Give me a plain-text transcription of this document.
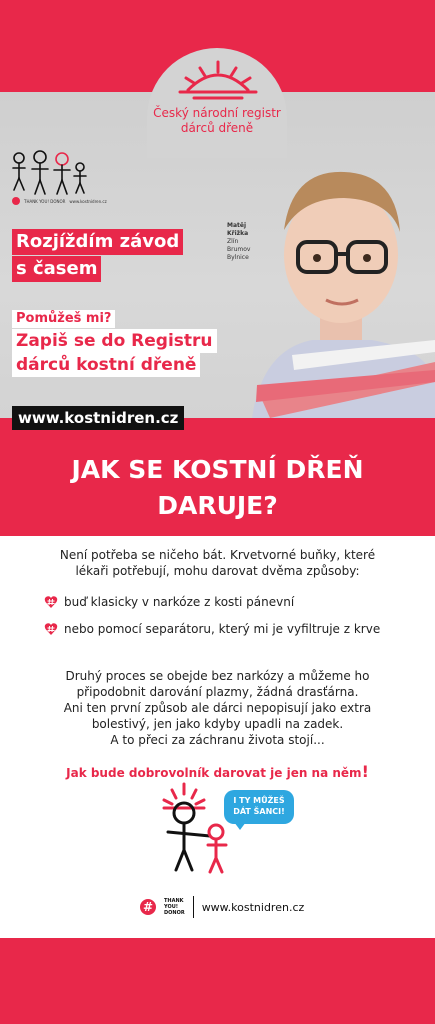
Český národní registr
dárců dřeně
THANK YOU! DONOR www.kostnidren.cz
Matěj
Křižka
Zlín
Brumov
Bylnice
Rozjíždím závod
s časem
Pomůžeš mi?
Zapiš se do Registru
dárců kostní dřeně
www.kostnidren.cz
JAK SE KOSTNÍ DŘEŇ
DARUJE?
Není potřeba se ničeho bát. Krvetvorné buňky, které
lékaři potřebují, mohu darovat dvěma způsoby:
buď klasicky v narkóze z kosti pánevní
nebo pomocí separátoru, který mi je vyfiltruje z krve
Druhý proces se obejde bez narkózy a můžeme ho
připodobnit darování plazmy, žádná drasťárna.
Ani ten první způsob ale dárci nepopisují jako extra
bolestivý, jen jako kdyby upadli na zadek.
A to přeci za záchranu života stojí...
Jak bude dobrovolník darovat je jen na něm!
I TY MŮŽEŠ
DÁT ŠANCI!
#	THANK
YOU!
DONOR www.kostnidren.cz
